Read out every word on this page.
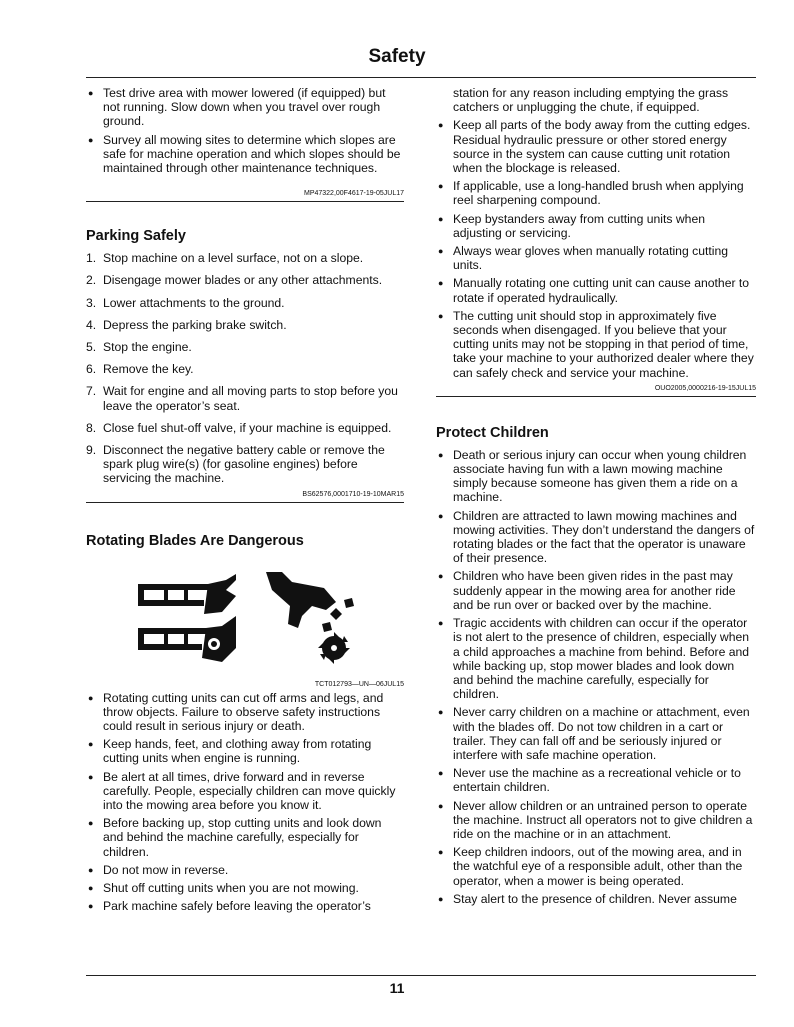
Safety
● Test drive area with mower lowered (if equipped) but not running. Slow down when you travel over rough ground.
● Survey all mowing sites to determine which slopes are safe for machine operation and which slopes should be maintained through other maintenance techniques.
MP47322,00F4617-19-05JUL17
Parking Safely
1. Stop machine on a level surface, not on a slope.
2. Disengage mower blades or any other attachments.
3. Lower attachments to the ground.
4. Depress the parking brake switch.
5. Stop the engine.
6. Remove the key.
7. Wait for engine and all moving parts to stop before you leave the operator’s seat.
8. Close fuel shut-off valve, if your machine is equipped.
9. Disconnect the negative battery cable or remove the spark plug wire(s) (for gasoline engines) before servicing the machine.
BS62576,0001710-19-10MAR15
Rotating Blades Are Dangerous
TCT012793—UN—06JUL15
● Rotating cutting units can cut off arms and legs, and throw objects. Failure to observe safety instructions could result in serious injury or death.
● Keep hands, feet, and clothing away from rotating cutting units when engine is running.
● Be alert at all times, drive forward and in reverse carefully. People, especially children can move quickly into the mowing area before you know it.
● Before backing up, stop cutting units and look down and behind the machine carefully, especially for children.
● Do not mow in reverse.
● Shut off cutting units when you are not mowing.
● Park machine safely before leaving the operator’s
station for any reason including emptying the grass catchers or unplugging the chute, if equipped.
● Keep all parts of the body away from the cutting edges. Residual hydraulic pressure or other stored energy source in the system can cause cutting unit rotation when the blockage is released.
● If applicable, use a long-handled brush when applying reel sharpening compound.
● Keep bystanders away from cutting units when adjusting or servicing.
● Always wear gloves when manually rotating cutting units.
● Manually rotating one cutting unit can cause another to rotate if operated hydraulically.
● The cutting unit should stop in approximately five seconds when disengaged. If you believe that your cutting units may not be stopping in that period of time, take your machine to your authorized dealer where they can safely check and service your machine.
OUO2005,0000216-19-15JUL15
Protect Children
● Death or serious injury can occur when young children associate having fun with a lawn mowing machine simply because someone has given them a ride on a machine.
● Children are attracted to lawn mowing machines and mowing activities. They don’t understand the dangers of rotating blades or the fact that the operator is unaware of their presence.
● Children who have been given rides in the past may suddenly appear in the mowing area for another ride and be run over or backed over by the machine.
● Tragic accidents with children can occur if the operator is not alert to the presence of children, especially when a child approaches a machine from behind. Before and while backing up, stop mower blades and look down and behind the machine carefully, especially for children.
● Never carry children on a machine or attachment, even with the blades off. Do not tow children in a cart or trailer. They can fall off and be seriously injured or interfere with safe machine operation.
● Never use the machine as a recreational vehicle or to entertain children.
● Never allow children or an untrained person to operate the machine. Instruct all operators not to give children a ride on the machine or in an attachment.
● Keep children indoors, out of the mowing area, and in the watchful eye of a responsible adult, other than the operator, when a mower is being operated.
● Stay alert to the presence of children. Never assume
11
